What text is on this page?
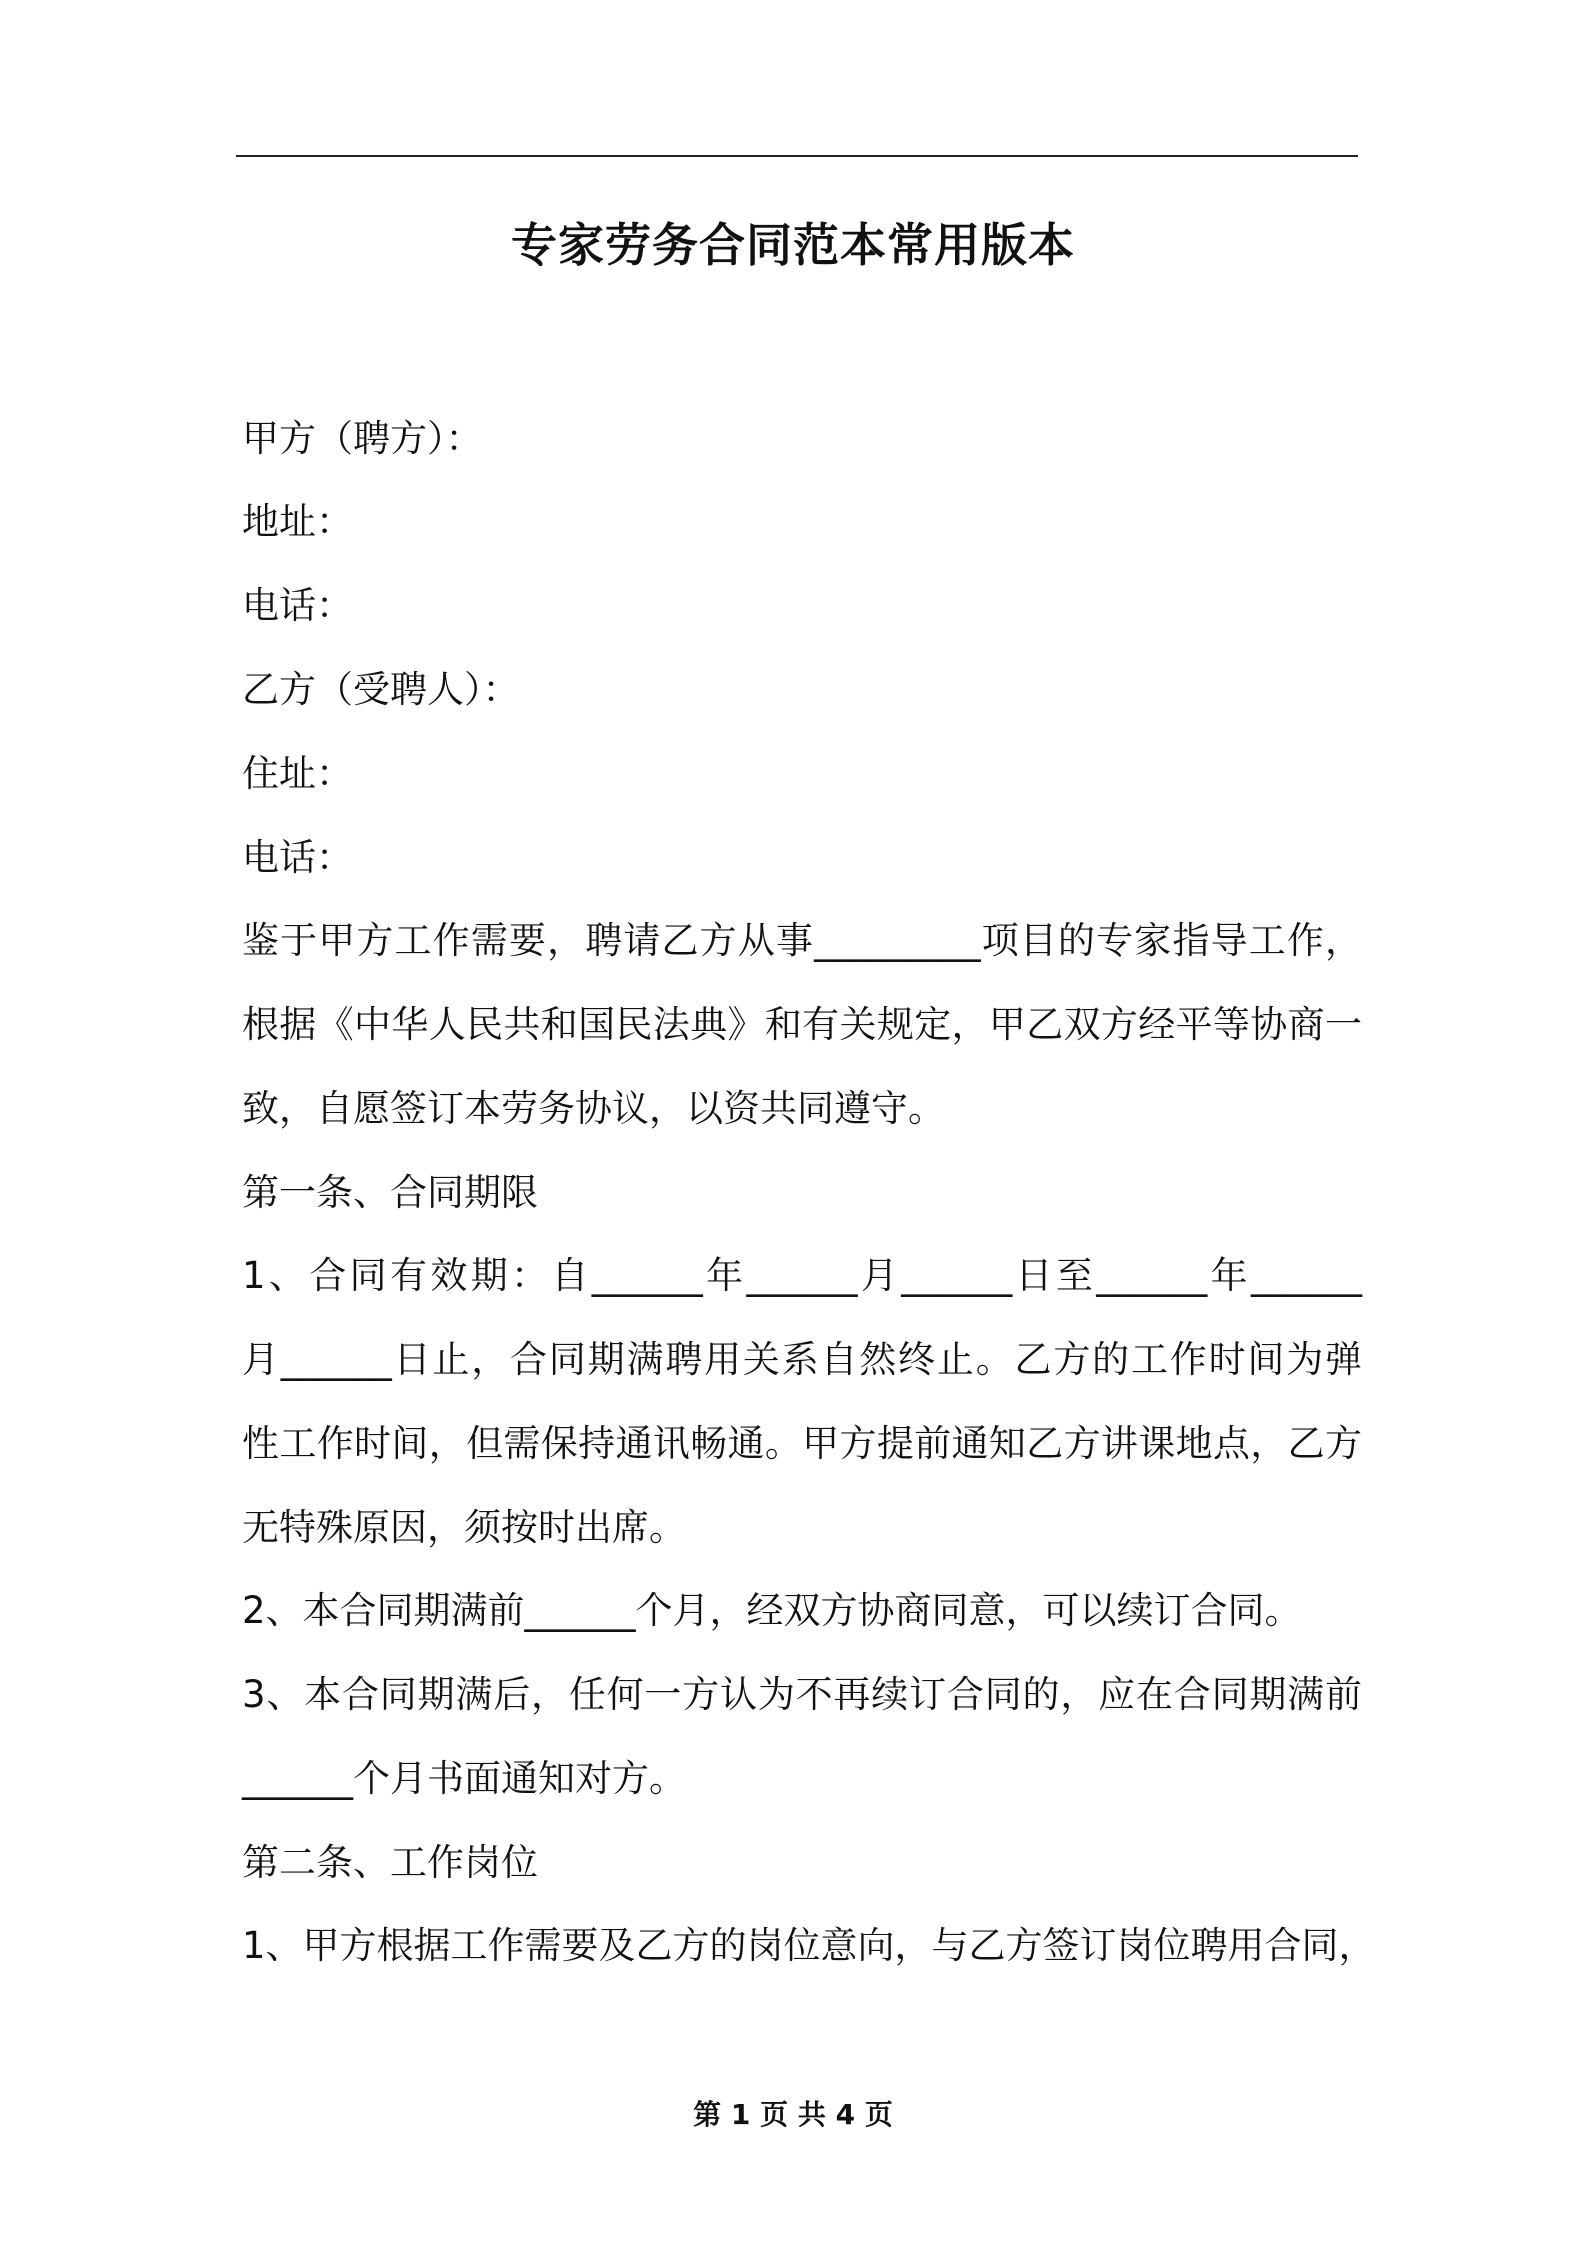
专家劳务合同范本常用版本
甲方（聘方）：
地址：
电话：
乙方（受聘人）：
住址：
电话：
鉴于甲方工作需要，聘请乙方从事_________项目的专家指导工作，
根据《中华人民共和国民法典》和有关规定，甲乙双方经平等协商一
致，自愿签订本劳务协议，以资共同遵守。
第一条、合同期限
1、合同有效期：自______年______月______日至______年______
月______日止，合同期满聘用关系自然终止。乙方的工作时间为弹
性工作时间，但需保持通讯畅通。甲方提前通知乙方讲课地点，乙方
无特殊原因，须按时出席。
2、本合同期满前______个月，经双方协商同意，可以续订合同。
3、本合同期满后，任何一方认为不再续订合同的，应在合同期满前
______个月书面通知对方。
第二条、工作岗位
1、甲方根据工作需要及乙方的岗位意向，与乙方签订岗位聘用合同，
第 1 页 共 4 页
